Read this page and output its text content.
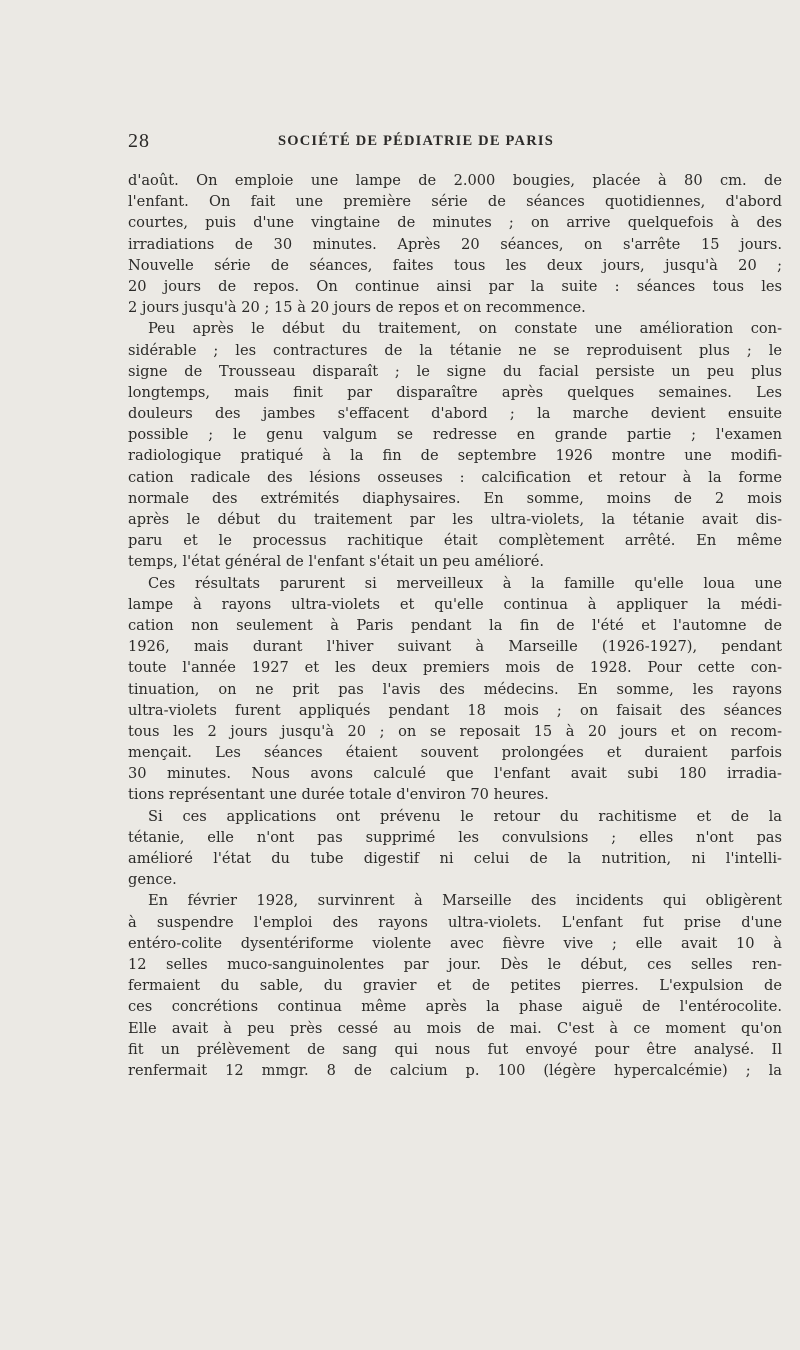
28	SOCIÉTÉ DE PÉDIATRIE DE PARIS
d'août. On emploie une lampe de 2.000 bougies, placée à 80 cm. de
l'enfant. On fait une première série de séances quotidiennes, d'abord
courtes, puis d'une vingtaine de minutes ; on arrive quelquefois à des
irradiations de 30 minutes. Après 20 séances, on s'arrête 15 jours.
Nouvelle série de séances, faites tous les deux jours, jusqu'à 20 ;
20 jours de repos. On continue ainsi par la suite : séances tous les
2 jours jusqu'à 20 ; 15 à 20 jours de repos et on recommence.
Peu après le début du traitement, on constate une amélioration con-
sidérable ; les contractures de la tétanie ne se reproduisent plus ; le
signe de Trousseau disparaît ; le signe du facial persiste un peu plus
longtemps, mais finit par disparaître après quelques semaines. Les
douleurs des jambes s'effacent d'abord ; la marche devient ensuite
possible ; le genu valgum se redresse en grande partie ; l'examen
radiologique pratiqué à la fin de septembre 1926 montre une modifi-
cation radicale des lésions osseuses : calcification et retour à la forme
normale des extrémités diaphysaires. En somme, moins de 2 mois
après le début du traitement par les ultra-violets, la tétanie avait dis-
paru et le processus rachitique était complètement arrêté. En même
temps, l'état général de l'enfant s'était un peu amélioré.
Ces résultats parurent si merveilleux à la famille qu'elle loua une
lampe à rayons ultra-violets et qu'elle continua à appliquer la médi-
cation non seulement à Paris pendant la fin de l'été et l'automne de
1926, mais durant l'hiver suivant à Marseille (1926-1927), pendant
toute l'année 1927 et les deux premiers mois de 1928. Pour cette con-
tinuation, on ne prit pas l'avis des médecins. En somme, les rayons
ultra-violets furent appliqués pendant 18 mois ; on faisait des séances
tous les 2 jours jusqu'à 20 ; on se reposait 15 à 20 jours et on recom-
mençait. Les séances étaient souvent prolongées et duraient parfois
30 minutes. Nous avons calculé que l'enfant avait subi 180 irradia-
tions représentant une durée totale d'environ 70 heures.
Si ces applications ont prévenu le retour du rachitisme et de la
tétanie, elle n'ont pas supprimé les convulsions ; elles n'ont pas
amélioré l'état du tube digestif ni celui de la nutrition, ni l'intelli-
gence.
En février 1928, survinrent à Marseille des incidents qui obligèrent
à suspendre l'emploi des rayons ultra-violets. L'enfant fut prise d'une
entéro-colite dysentériforme violente avec fièvre vive ; elle avait 10 à
12 selles muco-sanguinolentes par jour. Dès le début, ces selles ren-
fermaient du sable, du gravier et de petites pierres. L'expulsion de
ces concrétions continua même après la phase aiguë de l'entérocolite.
Elle avait à peu près cessé au mois de mai. C'est à ce moment qu'on
fit un prélèvement de sang qui nous fut envoyé pour être analysé. Il
renfermait 12 mmgr. 8 de calcium p. 100 (légère hypercalcémie) ; la
